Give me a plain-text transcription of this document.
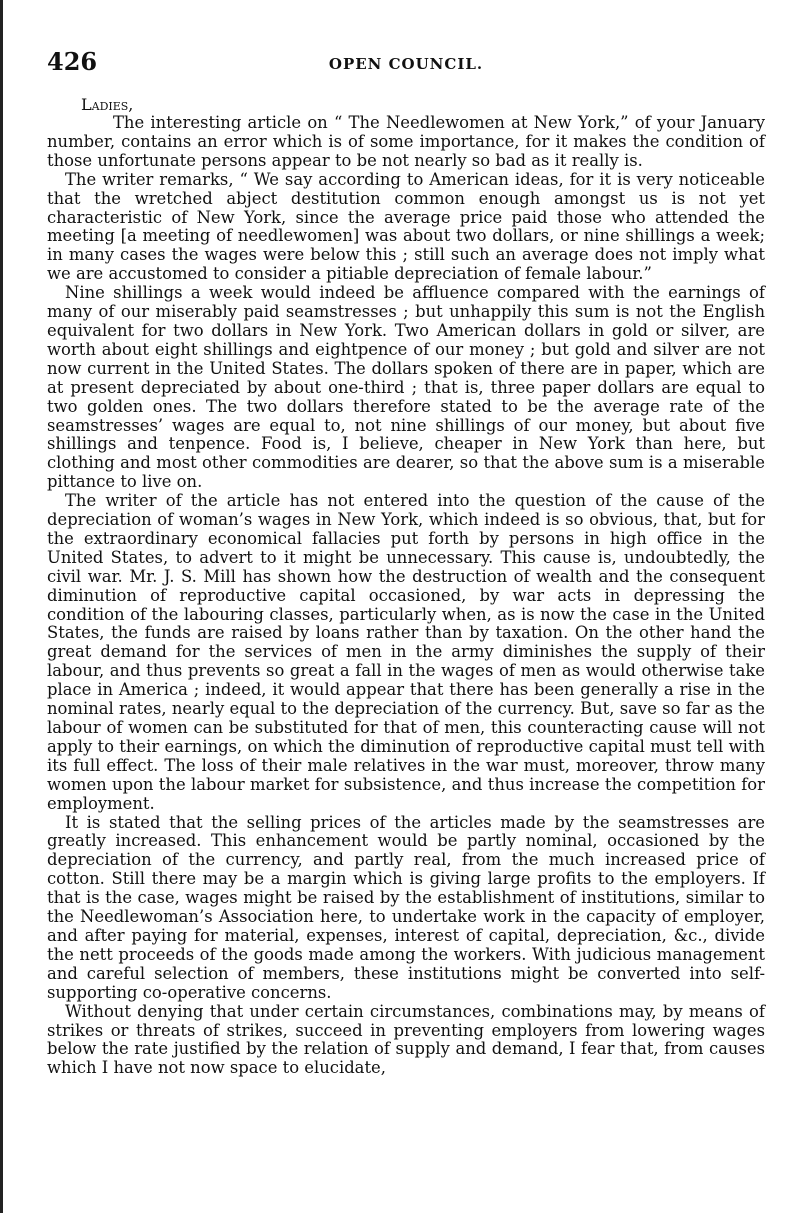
426	OPEN COUNCIL.
Ladies,

The interesting article on “ The Needlewomen at New York,” of your January number, contains an error which is of some importance, for it makes the condition of those unfortunate persons appear to be not nearly so bad as it really is.

The writer remarks, “ We say according to American ideas, for it is very noticeable that the wretched abject destitution common enough amongst us is not yet characteristic of New York, since the average price paid those who attended the meeting [a meeting of needlewomen] was about two dollars, or nine shillings a week; in many cases the wages were below this ; still such an average does not imply what we are accustomed to consider a pitiable depreciation of female labour.”

Nine shillings a week would indeed be affluence compared with the earnings of many of our miserably paid seamstresses ; but unhappily this sum is not the English equivalent for two dollars in New York. Two American dollars in gold or silver, are worth about eight shillings and eightpence of our money ; but gold and silver are not now current in the United States. The dollars spoken of there are in paper, which are at present depreciated by about one-third ; that is, three paper dollars are equal to two golden ones. The two dollars therefore stated to be the average rate of the seamstresses’ wages are equal to, not nine shillings of our money, but about five shillings and tenpence. Food is, I believe, cheaper in New York than here, but clothing and most other commodities are dearer, so that the above sum is a miserable pittance to live on.

The writer of the article has not entered into the question of the cause of the depreciation of woman’s wages in New York, which indeed is so obvious, that, but for the extraordinary economical fallacies put forth by persons in high office in the United States, to advert to it might be unnecessary. This cause is, undoubtedly, the civil war. Mr. J. S. Mill has shown how the destruction of wealth and the consequent diminution of reproductive capital occasioned, by war acts in depressing the condition of the labouring classes, particularly when, as is now the case in the United States, the funds are raised by loans rather than by taxation. On the other hand the great demand for the services of men in the army diminishes the supply of their labour, and thus prevents so great a fall in the wages of men as would otherwise take place in America ; indeed, it would appear that there has been generally a rise in the nominal rates, nearly equal to the depreciation of the currency. But, save so far as the labour of women can be substituted for that of men, this counteracting cause will not apply to their earnings, on which the diminution of reproductive capital must tell with its full effect. The loss of their male relatives in the war must, moreover, throw many women upon the labour market for subsistence, and thus increase the competition for employment.

It is stated that the selling prices of the articles made by the seamstresses are greatly increased. This enhancement would be partly nominal, occasioned by the depreciation of the currency, and partly real, from the much increased price of cotton. Still there may be a margin which is giving large profits to the employers. If that is the case, wages might be raised by the establishment of institutions, similar to the Needlewoman’s Association here, to undertake work in the capacity of employer, and after paying for material, expenses, interest of capital, depreciation, &c., divide the nett proceeds of the goods made among the workers. With judicious management and careful selection of members, these institutions might be converted into self-supporting co-operative concerns.

Without denying that under certain circumstances, combinations may, by means of strikes or threats of strikes, succeed in preventing employers from lowering wages below the rate justified by the relation of supply and demand, I fear that, from causes which I have not now space to elucidate,
